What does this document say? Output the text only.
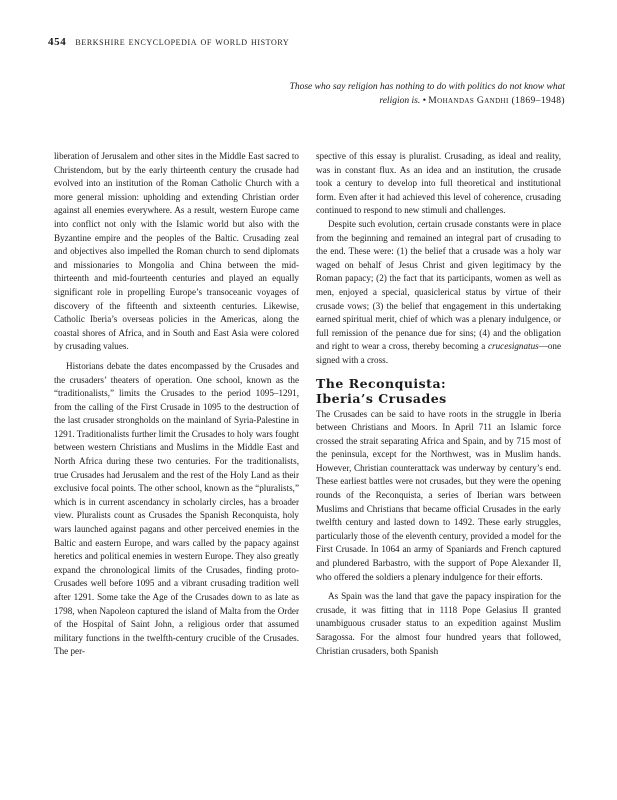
454 berkshire encyclopedia of world history
Those who say religion has nothing to do with politics do not know what religion is. • Mohandas Gandhi (1869–1948)

liberation of Jerusalem and other sites in the Middle East sacred to Christendom, but by the early thirteenth century the crusade had evolved into an institution of the Roman Catholic Church with a more general mission: upholding and extending Christian order against all enemies everywhere. As a result, western Europe came into conflict not only with the Islamic world but also with the Byzantine empire and the peoples of the Baltic. Crusading zeal and objectives also impelled the Roman church to send diplomats and missionaries to Mongolia and China between the mid-thirteenth and mid-fourteenth centuries and played an equally significant role in propelling Europe’s transoceanic voyages of discovery of the fifteenth and sixteenth centuries. Likewise, Catholic Iberia’s overseas policies in the Americas, along the coastal shores of Africa, and in South and East Asia were colored by crusading values.

Historians debate the dates encompassed by the Crusades and the crusaders’ theaters of operation. One school, known as the “traditionalists,” limits the Crusades to the period 1095–1291, from the calling of the First Crusade in 1095 to the destruction of the last crusader strongholds on the mainland of Syria-Palestine in 1291. Traditionalists further limit the Crusades to holy wars fought between western Christians and Muslims in the Middle East and North Africa during these two centuries. For the traditionalists, true Crusades had Jerusalem and the rest of the Holy Land as their exclusive focal points. The other school, known as the “pluralists,” which is in current ascendancy in scholarly circles, has a broader view. Pluralists count as Crusades the Spanish Reconquista, holy wars launched against pagans and other perceived enemies in the Baltic and eastern Europe, and wars called by the papacy against heretics and political enemies in western Europe. They also greatly expand the chronological limits of the Crusades, finding proto-Crusades well before 1095 and a vibrant crusading tradition well after 1291. Some take the Age of the Crusades down to as late as 1798, when Napoleon captured the island of Malta from the Order of the Hospital of Saint John, a religious order that assumed military functions in the twelfth-century crucible of the Crusades. The per-

spective of this essay is pluralist. Crusading, as ideal and reality, was in constant flux. As an idea and an institution, the crusade took a century to develop into full theoretical and institutional form. Even after it had achieved this level of coherence, crusading continued to respond to new stimuli and challenges.

Despite such evolution, certain crusade constants were in place from the beginning and remained an integral part of crusading to the end. These were: (1) the belief that a crusade was a holy war waged on behalf of Jesus Christ and given legitimacy by the Roman papacy; (2) the fact that its participants, women as well as men, enjoyed a special, quasiclerical status by virtue of their crusade vows; (3) the belief that engagement in this undertaking earned spiritual merit, chief of which was a plenary indulgence, or full remission of the penance due for sins; (4) and the obligation and right to wear a cross, thereby becoming a crucesignatus—one signed with a cross.

The Reconquista:
Iberia’s Crusades

The Crusades can be said to have roots in the struggle in Iberia between Christians and Moors. In April 711 an Islamic force crossed the strait separating Africa and Spain, and by 715 most of the peninsula, except for the Northwest, was in Muslim hands. However, Christian counterattack was underway by century’s end. These earliest battles were not crusades, but they were the opening rounds of the Reconquista, a series of Iberian wars between Muslims and Christians that became official Crusades in the early twelfth century and lasted down to 1492. These early struggles, particularly those of the eleventh century, provided a model for the First Crusade. In 1064 an army of Spaniards and French captured and plundered Barbastro, with the support of Pope Alexander II, who offered the soldiers a plenary indulgence for their efforts.

As Spain was the land that gave the papacy inspiration for the crusade, it was fitting that in 1118 Pope Gelasius II granted unambiguous crusader status to an expedition against Muslim Saragossa. For the almost four hundred years that followed, Christian crusaders, both Spanish
